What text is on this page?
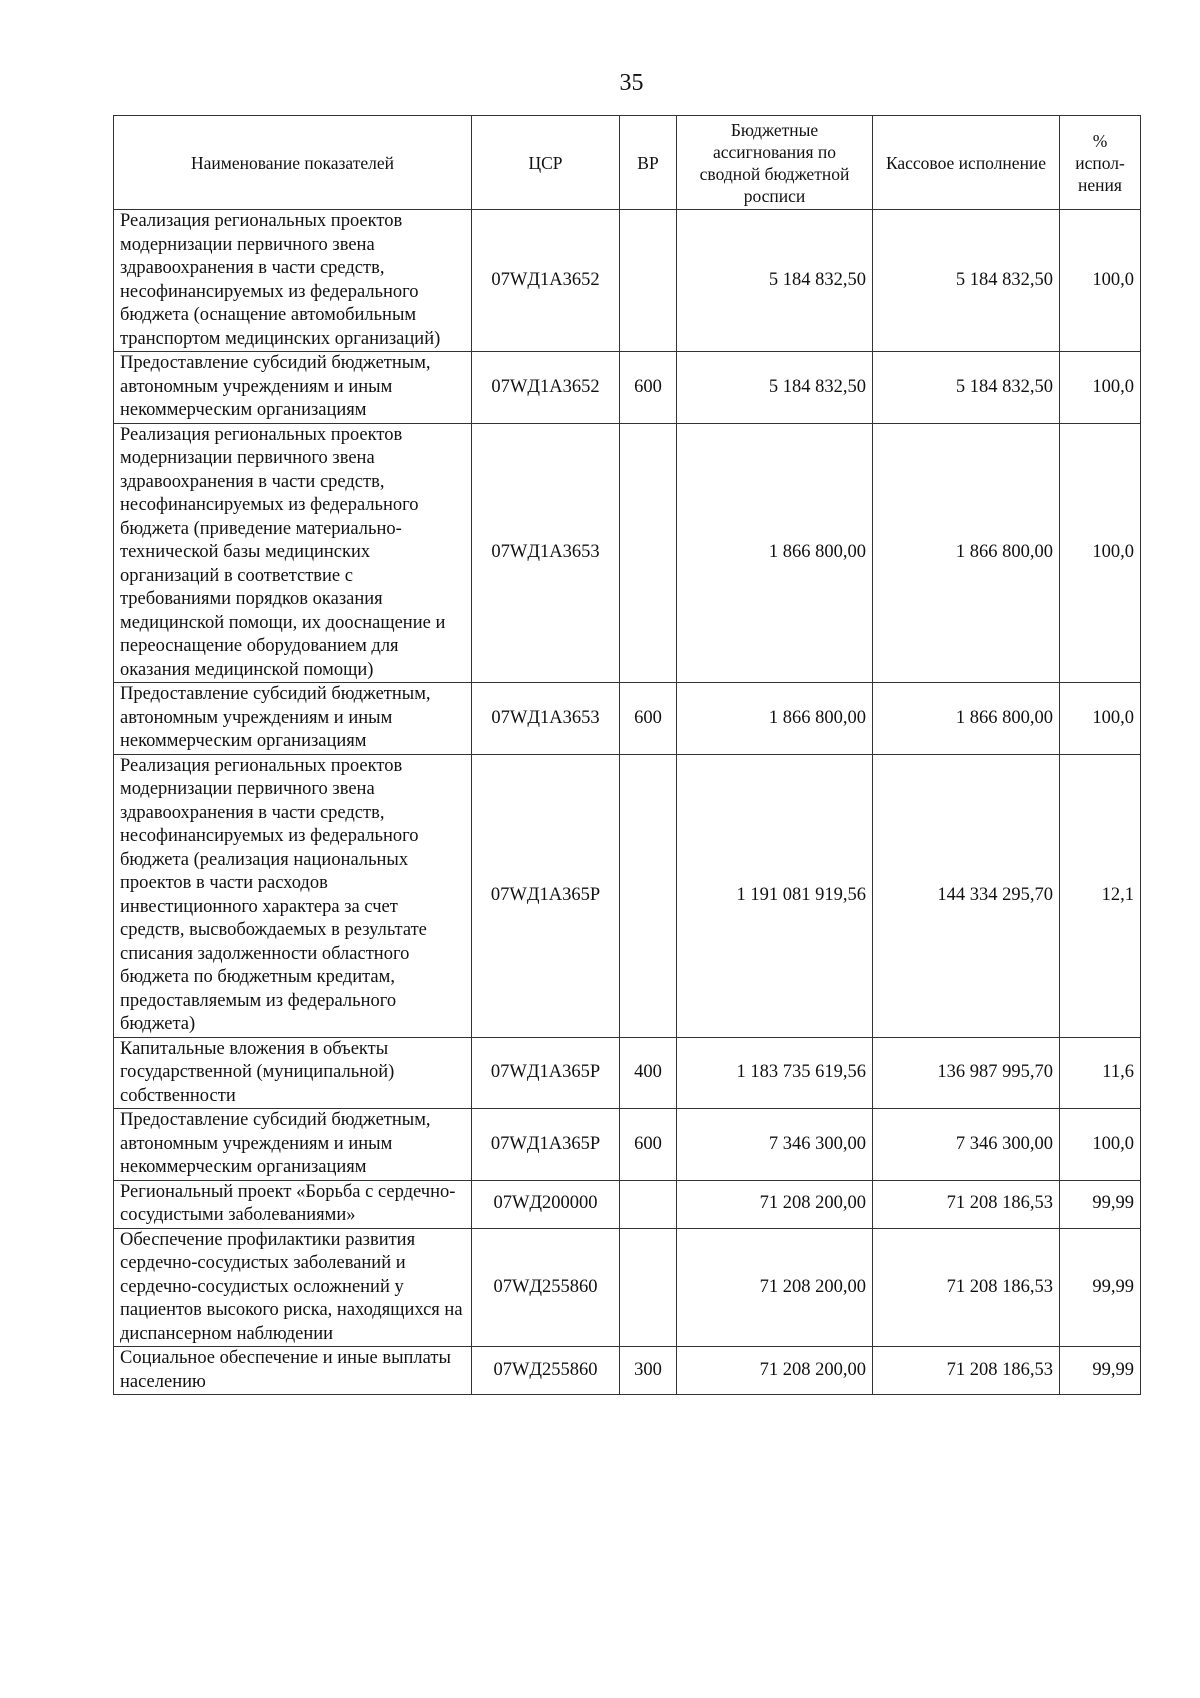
35
Наименование показателей	ЦСР	ВР	Бюджетные ассигнования по сводной бюджетной росписи	Кассовое исполнение	% испол-нения
Реализация региональных проектов модернизации первичного звена здравоохранения в части средств, несофинансируемых из федерального бюджета (оснащение автомобильным транспортом медицинских организаций)	07WД1А3652		5 184 832,50	5 184 832,50	100,0
Предоставление субсидий бюджетным, автономным учреждениям и иным некоммерческим организациям	07WД1А3652	600	5 184 832,50	5 184 832,50	100,0
Реализация региональных проектов модернизации первичного звена здравоохранения в части средств, несофинансируемых из федерального бюджета (приведение материально-технической базы медицинских организаций в соответствие с требованиями порядков оказания медицинской помощи, их дооснащение и переоснащение оборудованием для оказания медицинской помощи)	07WД1А3653		1 866 800,00	1 866 800,00	100,0
Предоставление субсидий бюджетным, автономным учреждениям и иным некоммерческим организациям	07WД1А3653	600	1 866 800,00	1 866 800,00	100,0
Реализация региональных проектов модернизации первичного звена здравоохранения в части средств, несофинансируемых из федерального бюджета (реализация национальных проектов в части расходов инвестиционного характера за счет средств, высвобождаемых в результате списания задолженности областного бюджета по бюджетным кредитам, предоставляемым из федерального бюджета)	07WД1А365Р		1 191 081 919,56	144 334 295,70	12,1
Капитальные вложения в объекты государственной (муниципальной) собственности	07WД1А365Р	400	1 183 735 619,56	136 987 995,70	11,6
Предоставление субсидий бюджетным, автономным учреждениям и иным некоммерческим организациям	07WД1А365Р	600	7 346 300,00	7 346 300,00	100,0
Региональный проект «Борьба с сердечно-сосудистыми заболеваниями»	07WД200000		71 208 200,00	71 208 186,53	99,99
Обеспечение профилактики развития сердечно-сосудистых заболеваний и сердечно-сосудистых осложнений у пациентов высокого риска, находящихся на диспансерном наблюдении	07WД255860		71 208 200,00	71 208 186,53	99,99
Социальное обеспечение и иные выплаты населению	07WД255860	300	71 208 200,00	71 208 186,53	99,99
